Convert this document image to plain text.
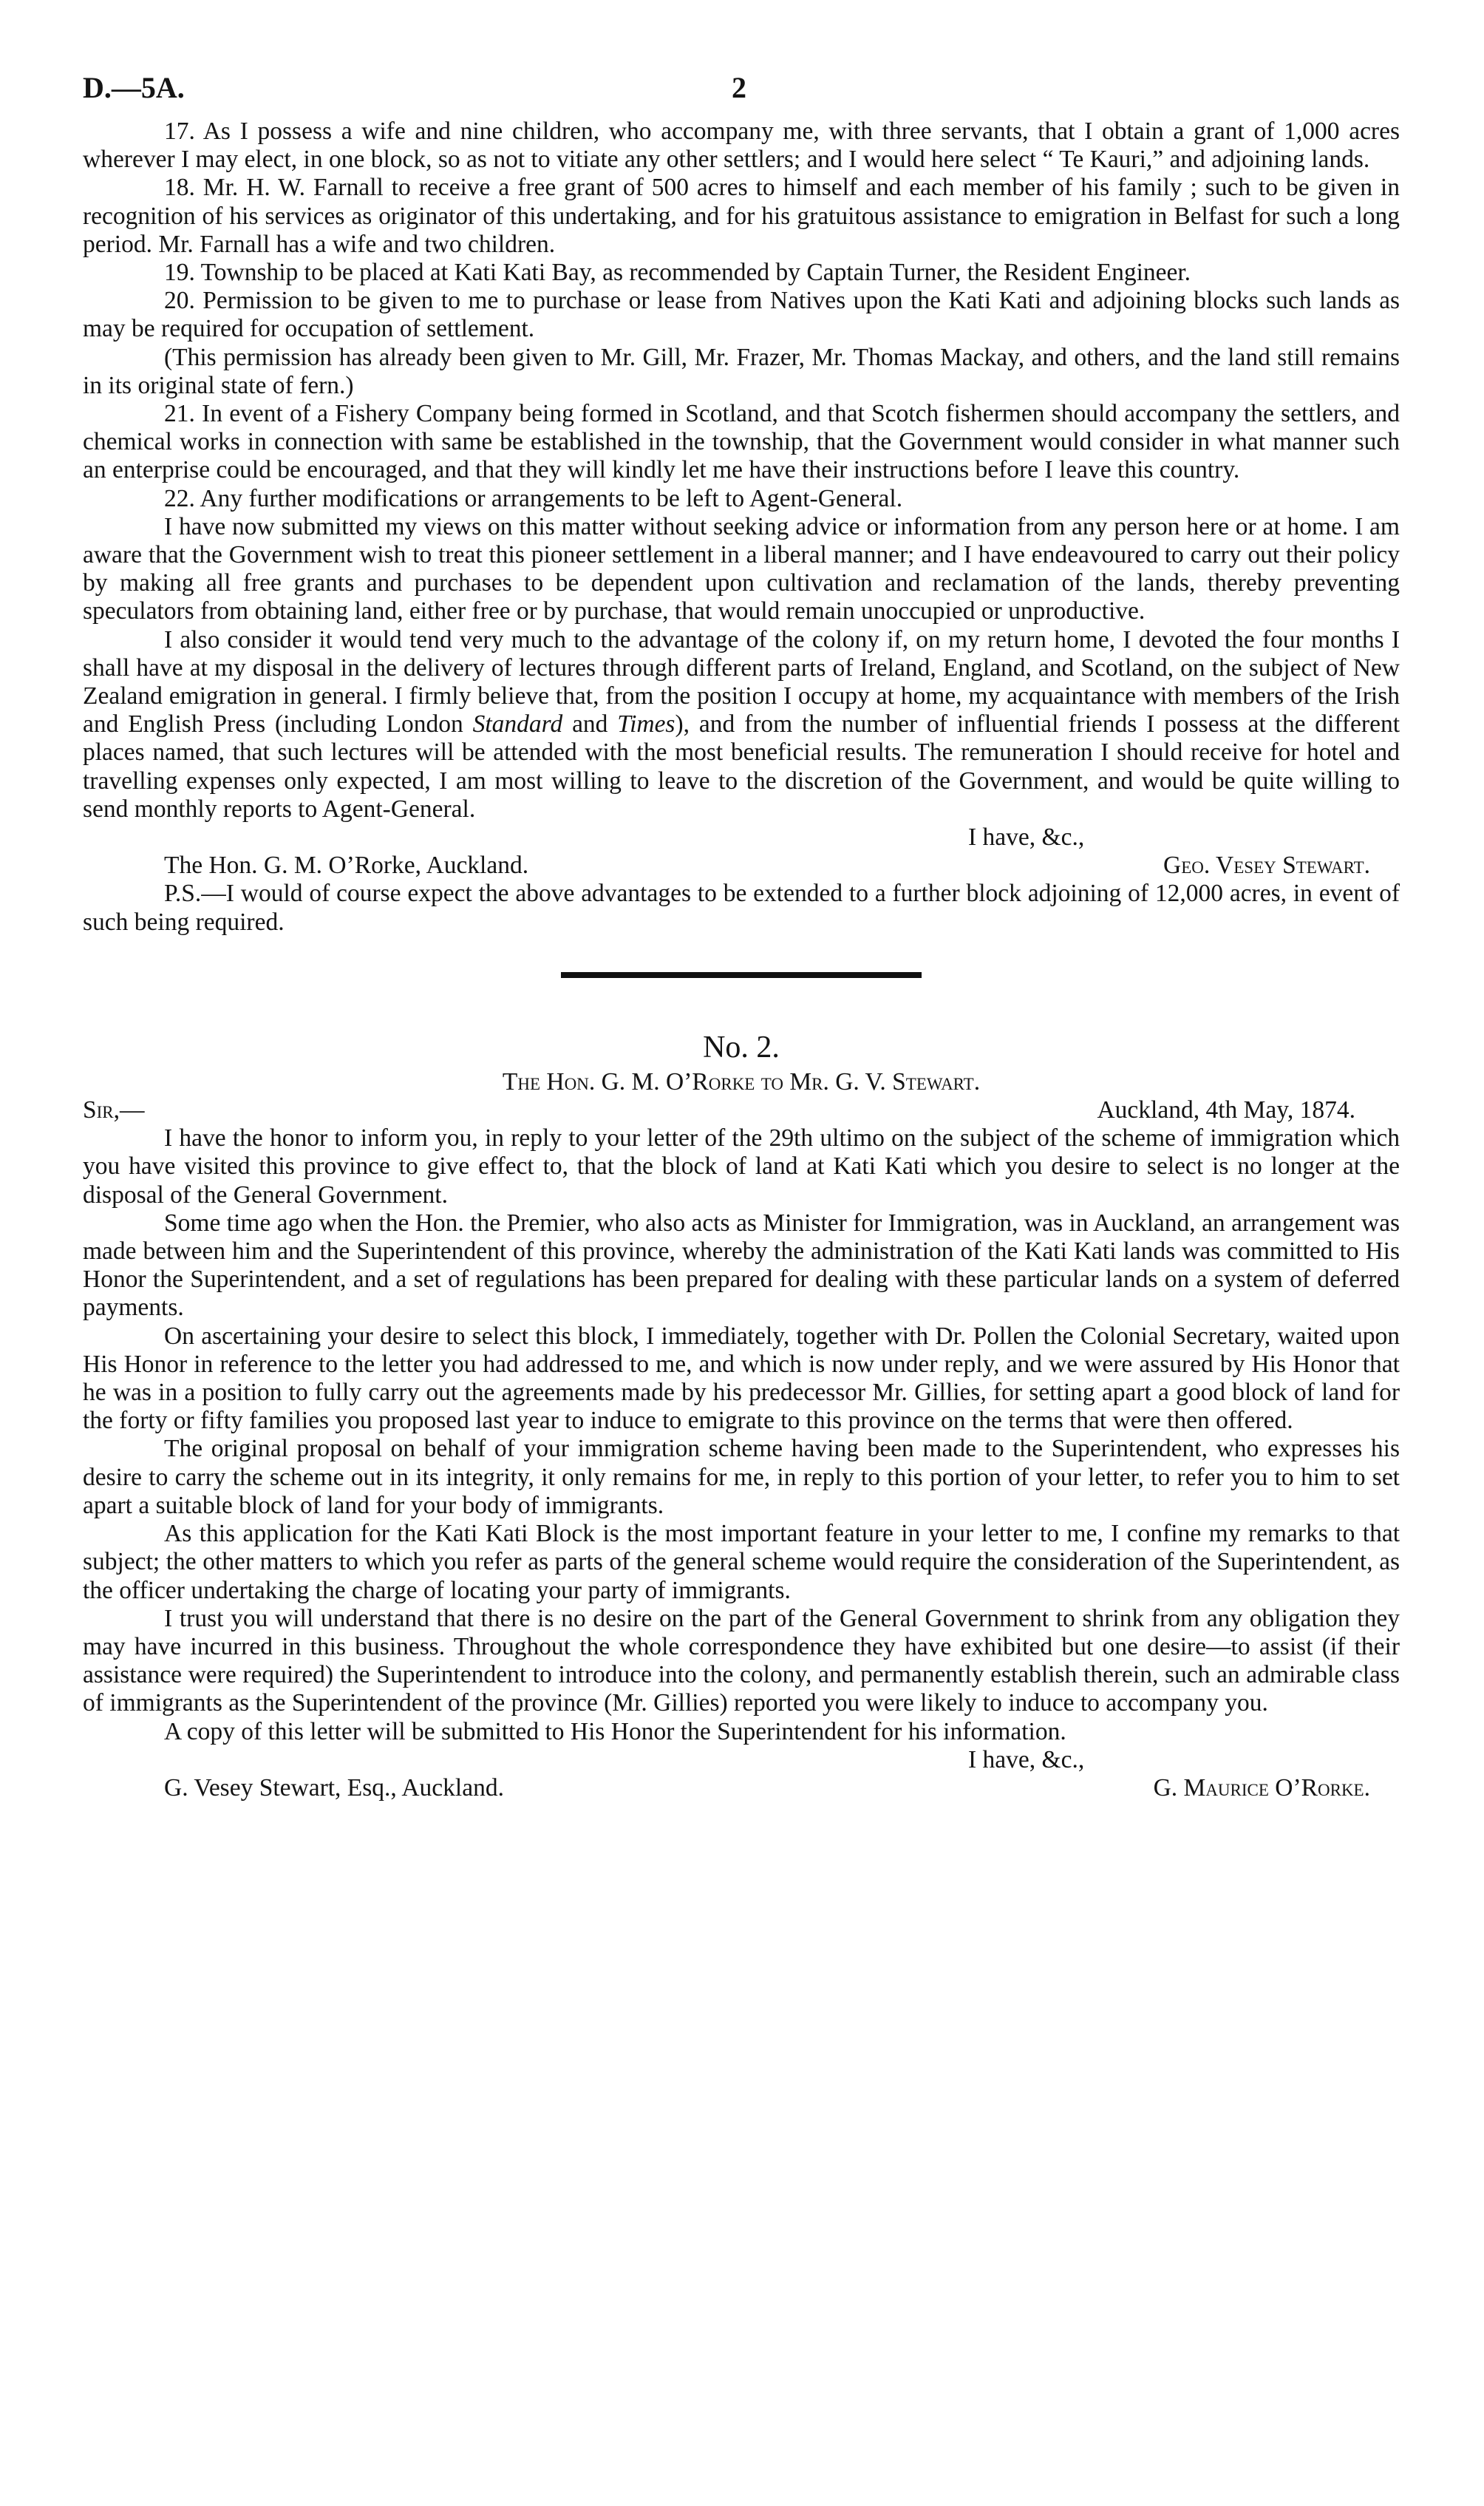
D.—5A.	2

17. As I possess a wife and nine children, who accompany me, with three servants, that I obtain a grant of 1,000 acres wherever I may elect, in one block, so as not to vitiate any other settlers; and I would here select “ Te Kauri,” and adjoining lands.

18. Mr. H. W. Farnall to receive a free grant of 500 acres to himself and each member of his family ; such to be given in recognition of his services as originator of this undertaking, and for his gratuitous assistance to emigration in Belfast for such a long period. Mr. Farnall has a wife and two children.

19. Township to be placed at Kati Kati Bay, as recommended by Captain Turner, the Resident Engineer.

20. Permission to be given to me to purchase or lease from Natives upon the Kati Kati and adjoining blocks such lands as may be required for occupation of settlement.

(This permission has already been given to Mr. Gill, Mr. Frazer, Mr. Thomas Mackay, and others, and the land still remains in its original state of fern.)

21. In event of a Fishery Company being formed in Scotland, and that Scotch fishermen should accompany the settlers, and chemical works in connection with same be established in the township, that the Government would consider in what manner such an enterprise could be encouraged, and that they will kindly let me have their instructions before I leave this country.

22. Any further modifications or arrangements to be left to Agent-General.

I have now submitted my views on this matter without seeking advice or information from any person here or at home. I am aware that the Government wish to treat this pioneer settlement in a liberal manner; and I have endeavoured to carry out their policy by making all free grants and purchases to be dependent upon cultivation and reclamation of the lands, thereby preventing speculators from obtaining land, either free or by purchase, that would remain unoccupied or unproductive.

I also consider it would tend very much to the advantage of the colony if, on my return home, I devoted the four months I shall have at my disposal in the delivery of lectures through different parts of Ireland, England, and Scotland, on the subject of New Zealand emigration in general. I firmly believe that, from the position I occupy at home, my acquaintance with members of the Irish and English Press (including London Standard and Times), and from the number of influential friends I possess at the different places named, that such lectures will be attended with the most beneficial results. The remuneration I should receive for hotel and travelling expenses only expected, I am most willing to leave to the discretion of the Government, and would be quite willing to send monthly reports to Agent-General.

I have, &c.,
The Hon. G. M. O’Rorke, Auckland.	Geo. Vesey Stewart.

P.S.—I would of course expect the above advantages to be extended to a further block adjoining of 12,000 acres, in event of such being required.

No. 2.
The Hon. G. M. O’Rorke to Mr. G. V. Stewart.
Sir,—	Auckland, 4th May, 1874.

I have the honor to inform you, in reply to your letter of the 29th ultimo on the subject of the scheme of immigration which you have visited this province to give effect to, that the block of land at Kati Kati which you desire to select is no longer at the disposal of the General Government.

Some time ago when the Hon. the Premier, who also acts as Minister for Immigration, was in Auckland, an arrangement was made between him and the Superintendent of this province, whereby the administration of the Kati Kati lands was committed to His Honor the Superintendent, and a set of regulations has been prepared for dealing with these particular lands on a system of deferred payments.

On ascertaining your desire to select this block, I immediately, together with Dr. Pollen the Colonial Secretary, waited upon His Honor in reference to the letter you had addressed to me, and which is now under reply, and we were assured by His Honor that he was in a position to fully carry out the agreements made by his predecessor Mr. Gillies, for setting apart a good block of land for the forty or fifty families you proposed last year to induce to emigrate to this province on the terms that were then offered.

The original proposal on behalf of your immigration scheme having been made to the Superintendent, who expresses his desire to carry the scheme out in its integrity, it only remains for me, in reply to this portion of your letter, to refer you to him to set apart a suitable block of land for your body of immigrants.

As this application for the Kati Kati Block is the most important feature in your letter to me, I confine my remarks to that subject; the other matters to which you refer as parts of the general scheme would require the consideration of the Superintendent, as the officer undertaking the charge of locating your party of immigrants.

I trust you will understand that there is no desire on the part of the General Government to shrink from any obligation they may have incurred in this business. Throughout the whole correspondence they have exhibited but one desire—to assist (if their assistance were required) the Superintendent to introduce into the colony, and permanently establish therein, such an admirable class of immigrants as the Superintendent of the province (Mr. Gillies) reported you were likely to induce to accompany you.

A copy of this letter will be submitted to His Honor the Superintendent for his information.

I have, &c.,
G. Vesey Stewart, Esq., Auckland.	G. Maurice O’Rorke.
